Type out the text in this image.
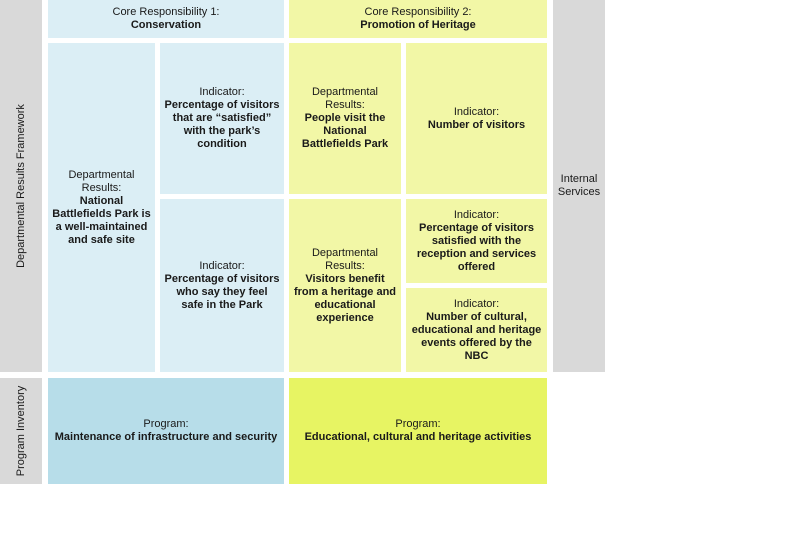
Departmental Results Framework
Program Inventory
Core Responsibility 1:
Conservation
Core Responsibility 2:
Promotion of Heritage
Internal Services
Departmental Results:
National Battlefields Park is a well-maintained and safe site
Indicator:
Percentage of visitors that are “satisfied” with the park’s condition
Indicator:
Percentage of visitors who say they feel safe in the Park
Departmental Results:
People visit the National Battlefields Park
Departmental Results:
Visitors benefit from a heritage and educational experience
Indicator:
Number of visitors
Indicator:
Percentage of visitors satisfied with the reception and services offered
Indicator:
Number of cultural, educational and heritage events offered by the NBC
Program:
Maintenance of infrastructure and security
Program:
Educational, cultural and heritage activities
